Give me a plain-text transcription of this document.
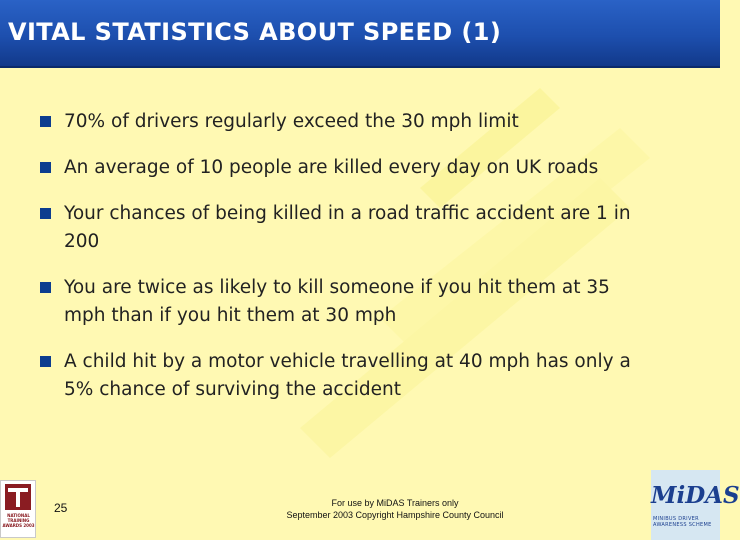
VITAL STATISTICS ABOUT SPEED (1)
70% of drivers regularly exceed the 30 mph limit
An average of 10 people are killed every day on UK roads
Your chances of being killed in a road traffic accident are 1 in
200
You are twice as likely to kill someone if you hit them at 35
mph than if you hit them at 30 mph
A child hit by a motor vehicle travelling at 40 mph has only a
5% chance of surviving the accident
NATIONAL TRAINING AWARDS 2003
25	For use by MiDAS Trainers only
September 2003 Copyright Hampshire County Council
MiDAS
MINIBUS DRIVER AWARENESS SCHEME
